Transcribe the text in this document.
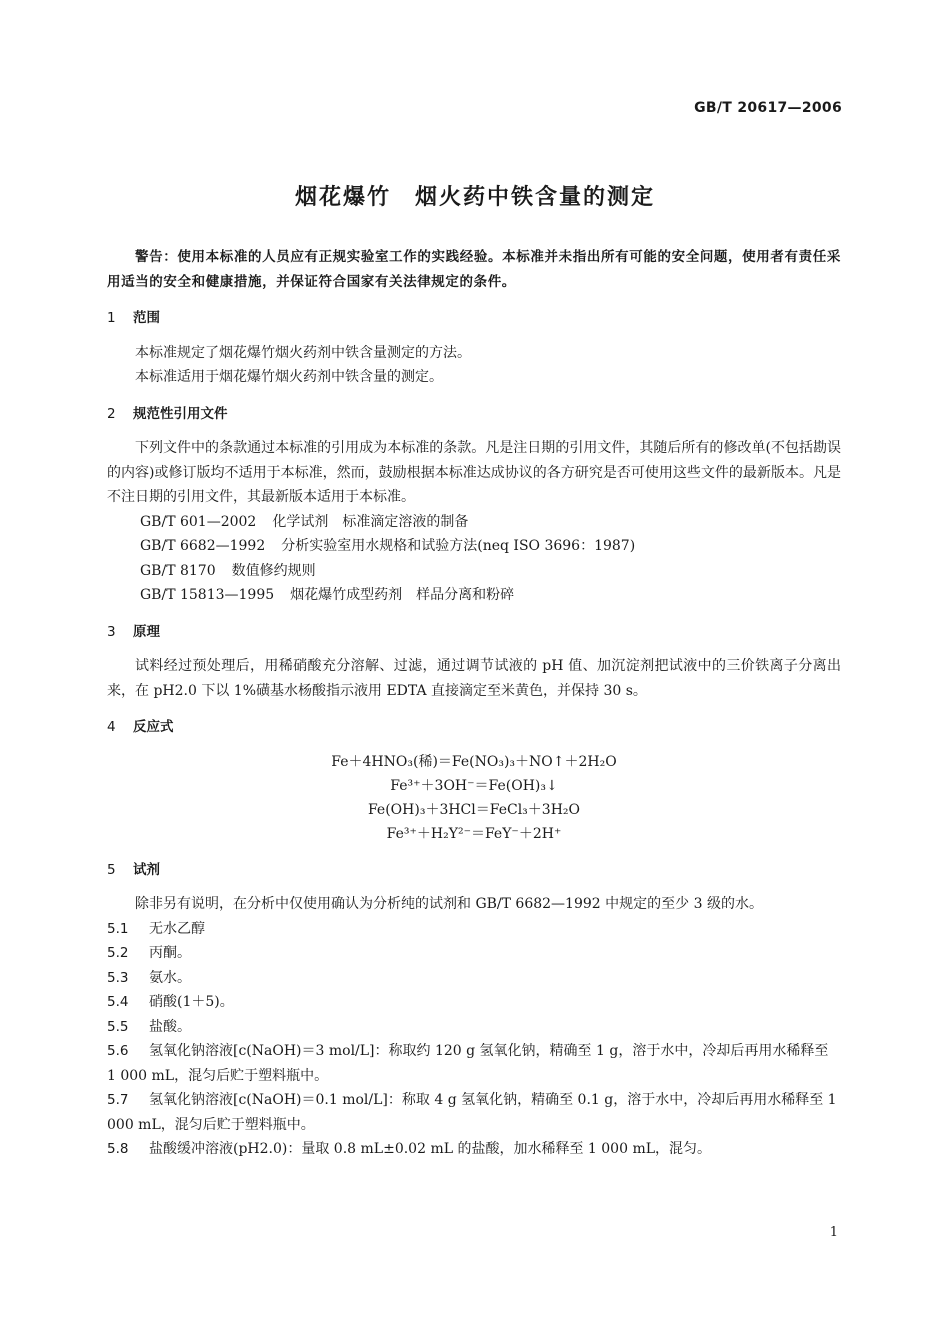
GB/T 20617—2006
烟花爆竹　烟火药中铁含量的测定

警告：使用本标准的人员应有正规实验室工作的实践经验。本标准并未指出所有可能的安全问题，使用者有责任采用适当的安全和健康措施，并保证符合国家有关法律规定的条件。

1 范围

本标准规定了烟花爆竹烟火药剂中铁含量测定的方法。

本标准适用于烟花爆竹烟火药剂中铁含量的测定。

2 规范性引用文件

下列文件中的条款通过本标准的引用成为本标准的条款。凡是注日期的引用文件，其随后所有的修改单(不包括勘误的内容)或修订版均不适用于本标准，然而，鼓励根据本标准达成协议的各方研究是否可使用这些文件的最新版本。凡是不注日期的引用文件，其最新版本适用于本标准。

GB/T 601—2002 化学试剂　标准滴定溶液的制备

GB/T 6682—1992 分析实验室用水规格和试验方法(neq ISO 3696：1987)

GB/T 8170 数值修约规则

GB/T 15813—1995 烟花爆竹成型药剂　样品分离和粉碎

3 原理

试料经过预处理后，用稀硝酸充分溶解、过滤，通过调节试液的 pH 值、加沉淀剂把试液中的三价铁离子分离出来，在 pH2.0 下以 1%磺基水杨酸指示液用 EDTA 直接滴定至米黄色，并保持 30 s。

4 反应式
Fe＋4HNO₃(稀)＝Fe(NO₃)₃＋NO↑＋2H₂O
Fe³⁺＋3OH⁻＝Fe(OH)₃↓
Fe(OH)₃＋3HCl＝FeCl₃＋3H₂O
Fe³⁺＋H₂Y²⁻＝FeY⁻＋2H⁺
5 试剂

除非另有说明，在分析中仅使用确认为分析纯的试剂和 GB/T 6682—1992 中规定的至少 3 级的水。

5.1 无水乙醇

5.2 丙酮。

5.3 氨水。

5.4 硝酸(1＋5)。

5.5 盐酸。

5.6 氢氧化钠溶液[c(NaOH)＝3 mol/L]：称取约 120 g 氢氧化钠，精确至 1 g，溶于水中，冷却后再用水稀释至 1 000 mL，混匀后贮于塑料瓶中。

5.7 氢氧化钠溶液[c(NaOH)＝0.1 mol/L]：称取 4 g 氢氧化钠，精确至 0.1 g，溶于水中，冷却后再用水稀释至 1 000 mL，混匀后贮于塑料瓶中。

5.8 盐酸缓冲溶液(pH2.0)：量取 0.8 mL±0.02 mL 的盐酸，加水稀释至 1 000 mL，混匀。

1
